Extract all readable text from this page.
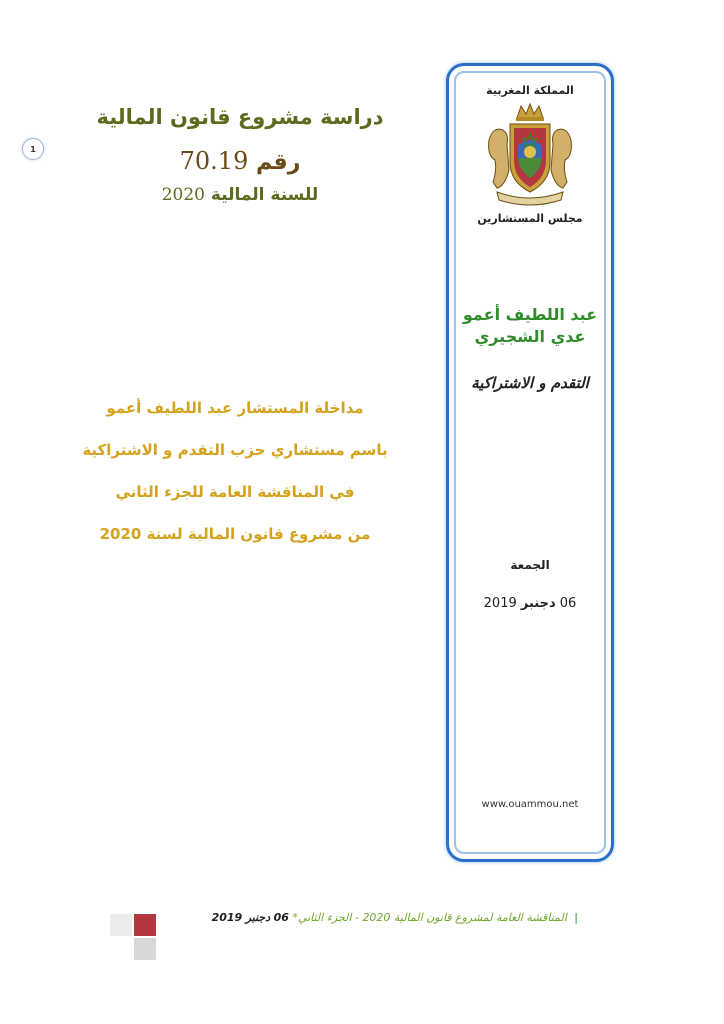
1
دراسة مشروع قانون المالية
رقم 70.19
للسنة المالية 2020
مداخلة المستشار عبد اللطيف أعمو
باسم مستشاري حزب التقدم و الاشتراكية
في المناقشة العامة للجزء الثاني
من مشروع قانون المالية لسنة 2020
المملكة المغربية
مجلس المستشارين
عبد اللطيف أعمو
عدي الشجيري
التقدم و الاشتراكية
الجمعة
06 دجنبر 2019
www.ouammou.net
| المناقشة العامة لمشروع قانون المالية 2020 - الجزء الثاني* 06 دجنبر 2019
